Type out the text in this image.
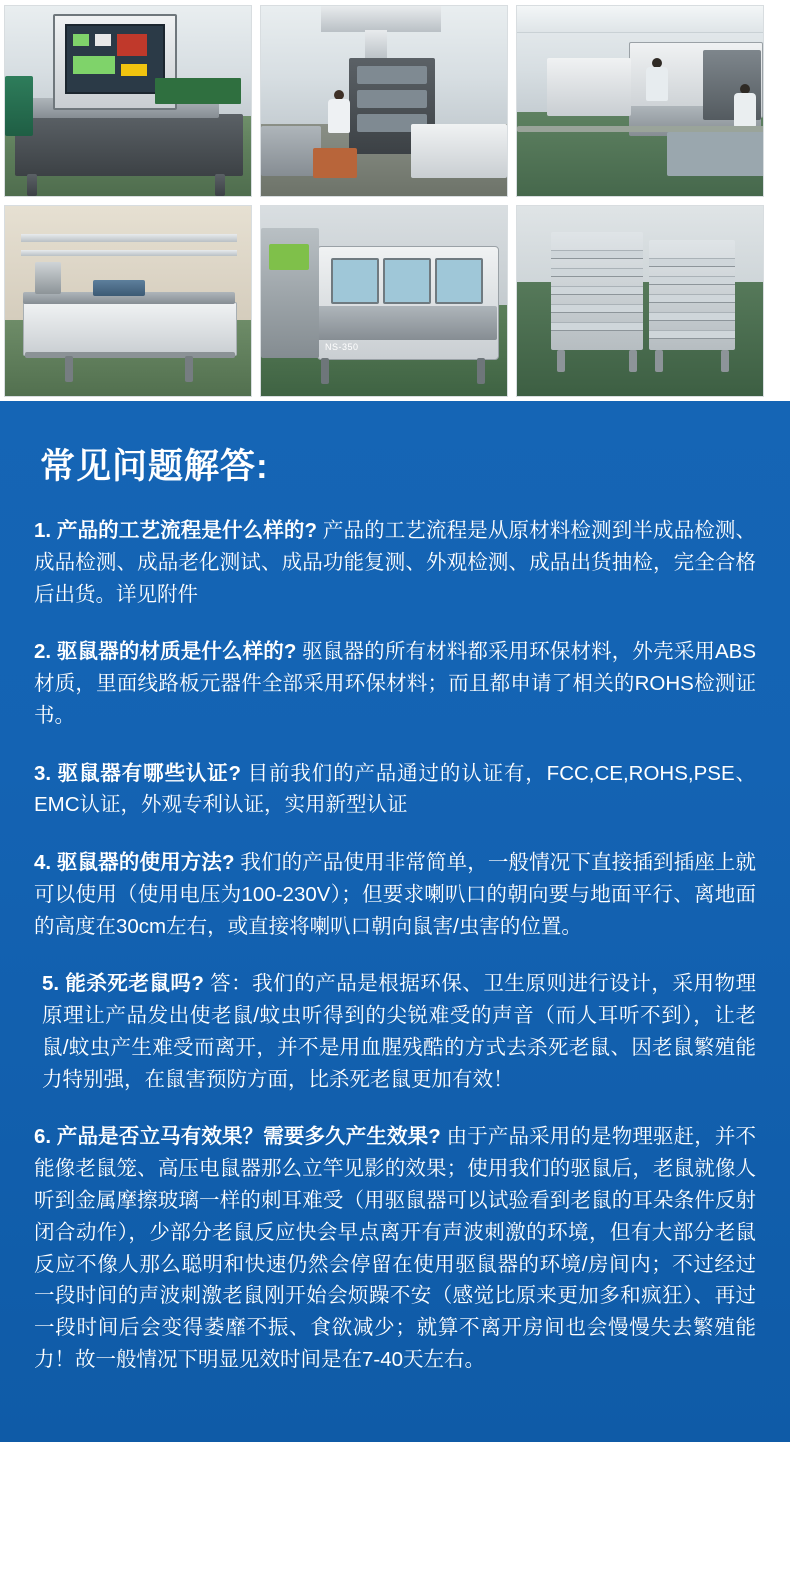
NS-350
常见问题解答:

1. 产品的工艺流程是什么样的? 产品的工艺流程是从原材料检测到半成品检测、成品检测、成品老化测试、成品功能复测、外观检测、成品出货抽检，完全合格后出货。详见附件

2. 驱鼠器的材质是什么样的? 驱鼠器的所有材料都采用环保材料，外壳采用ABS材质，里面线路板元器件全部采用环保材料；而且都申请了相关的ROHS检测证书。

3. 驱鼠器有哪些认证? 目前我们的产品通过的认证有，FCC,CE,ROHS,PSE、EMC认证，外观专利认证，实用新型认证

4. 驱鼠器的使用方法? 我们的产品使用非常简单，一般情况下直接插到插座上就可以使用（使用电压为100-230V）；但要求喇叭口的朝向要与地面平行、离地面的高度在30cm左右，或直接将喇叭口朝向鼠害/虫害的位置。

5. 能杀死老鼠吗? 答：我们的产品是根据环保、卫生原则进行设计，采用物理原理让产品发出使老鼠/蚊虫听得到的尖锐难受的声音（而人耳听不到），让老鼠/蚊虫产生难受而离开，并不是用血腥残酷的方式去杀死老鼠、因老鼠繁殖能力特别强，在鼠害预防方面，比杀死老鼠更加有效！

6. 产品是否立马有效果？需要多久产生效果? 由于产品采用的是物理驱赶，并不能像老鼠笼、高压电鼠器那么立竿见影的效果；使用我们的驱鼠后，老鼠就像人听到金属摩擦玻璃一样的刺耳难受（用驱鼠器可以试验看到老鼠的耳朵条件反射闭合动作），少部分老鼠反应快会早点离开有声波刺激的环境，但有大部分老鼠反应不像人那么聪明和快速仍然会停留在使用驱鼠器的环境/房间内；不过经过一段时间的声波刺激老鼠刚开始会烦躁不安（感觉比原来更加多和疯狂）、再过一段时间后会变得萎靡不振、食欲减少；就算不离开房间也会慢慢失去繁殖能力！故一般情况下明显见效时间是在7-40天左右。
